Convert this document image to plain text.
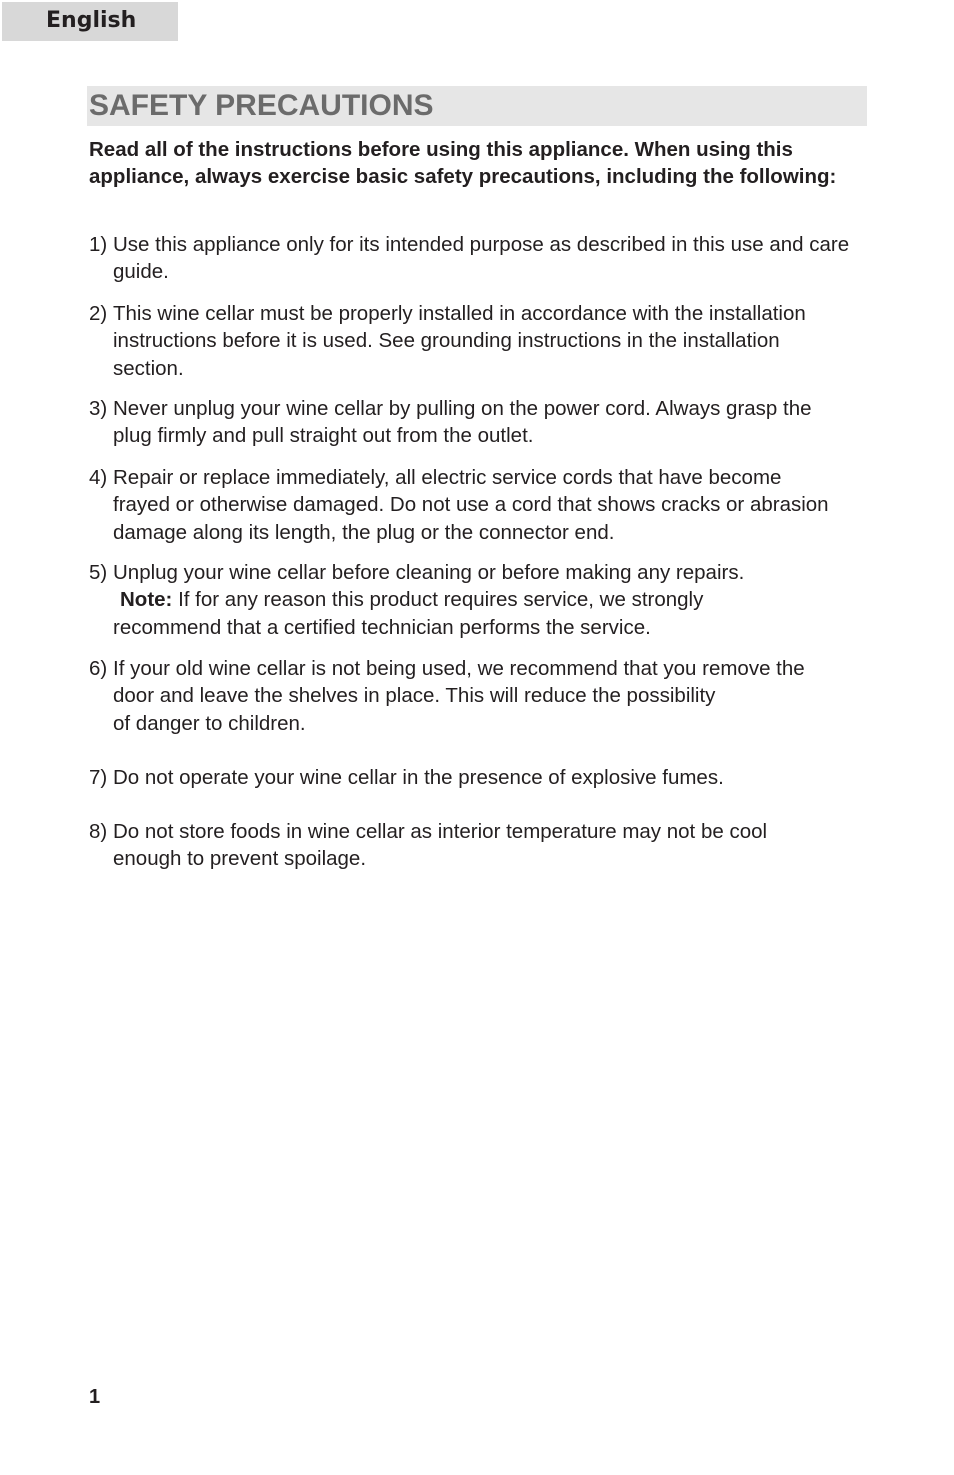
English
SAFETY PRECAUTIONS

Read all of the instructions before using this appliance. When using this appliance, always exercise basic safety precautions, including the following:

1) Use this appliance only for its intended purpose as described in this use and care guide.
2) This wine cellar must be properly installed in accordance with the installation instructions before it is used. See grounding instructions in the installation section.
3) Never unplug your wine cellar by pulling on the power cord. Always grasp the plug firmly and pull straight out from the outlet.
4) Repair or replace immediately, all electric service cords that have become frayed or otherwise damaged. Do not use a cord that shows cracks or abrasion damage along its length, the plug or the connector end.
5) Unplug your wine cellar before cleaning or before making any repairs.
Note: If for any reason this product requires service, we strongly
recommend that a certified technician performs the service.
6) If your old wine cellar is not being used, we recommend that you remove the
door and leave the shelves in place. This will reduce the possibility
of danger to children.
7) Do not operate your wine cellar in the presence of explosive fumes.
8) Do not store foods in wine cellar as interior temperature may not be cool enough to prevent spoilage.
1
